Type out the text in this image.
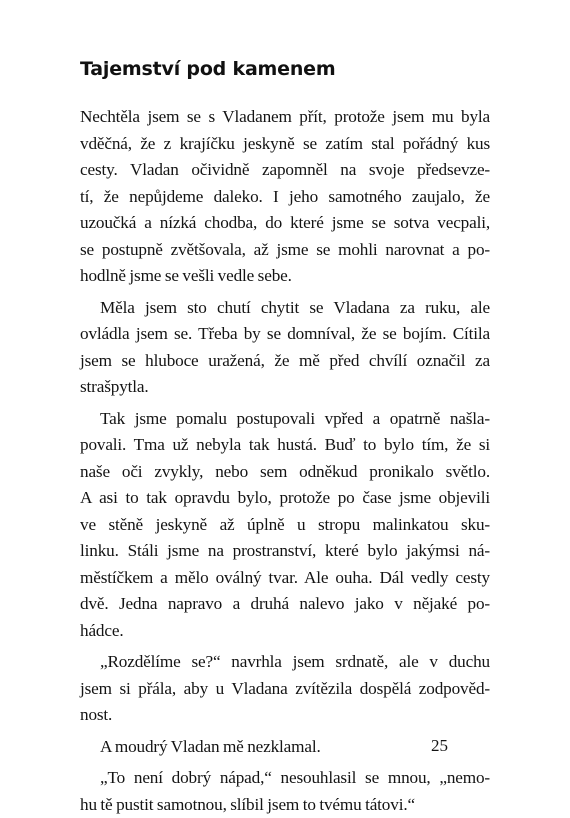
Tajemství pod kamenem
Nechtěla jsem se s Vladanem přít, protože jsem mu byla
vděčná, že z krajíčku jeskyně se zatím stal pořádný kus
cesty. Vladan očividně zapomněl na svoje předsevze-
tí, že nepůjdeme daleko. I jeho samotného zaujalo, že
uzoučká a nízká chodba, do které jsme se sotva vecpali,
se postupně zvětšovala, až jsme se mohli narovnat a po-
hodlně jsme se vešli vedle sebe.
Měla jsem sto chutí chytit se Vladana za ruku, ale
ovládla jsem se. Třeba by se domníval, že se bojím. Cítila
jsem se hluboce uražená, že mě před chvílí označil za
strašpytla.
Tak jsme pomalu postupovali vpřed a opatrně našla-
povali. Tma už nebyla tak hustá. Buď to bylo tím, že si
naše oči zvykly, nebo sem odněkud pronikalo světlo.
A asi to tak opravdu bylo, protože po čase jsme objevili
ve stěně jeskyně až úplně u stropu malinkatou sku-
linku. Stáli jsme na prostranství, které bylo jakýmsi ná-
městíčkem a mělo oválný tvar. Ale ouha. Dál vedly cesty
dvě. Jedna napravo a druhá nalevo jako v nějaké po-
hádce.
„Rozdělíme se?“ navrhla jsem srdnatě, ale v duchu
jsem si přála, aby u Vladana zvítězila dospělá zodpověd-
nost.
A moudrý Vladan mě nezklamal.
„To není dobrý nápad,“ nesouhlasil se mnou, „nemo-
hu tě pustit samotnou, slíbil jsem to tvému tátovi.“
25
